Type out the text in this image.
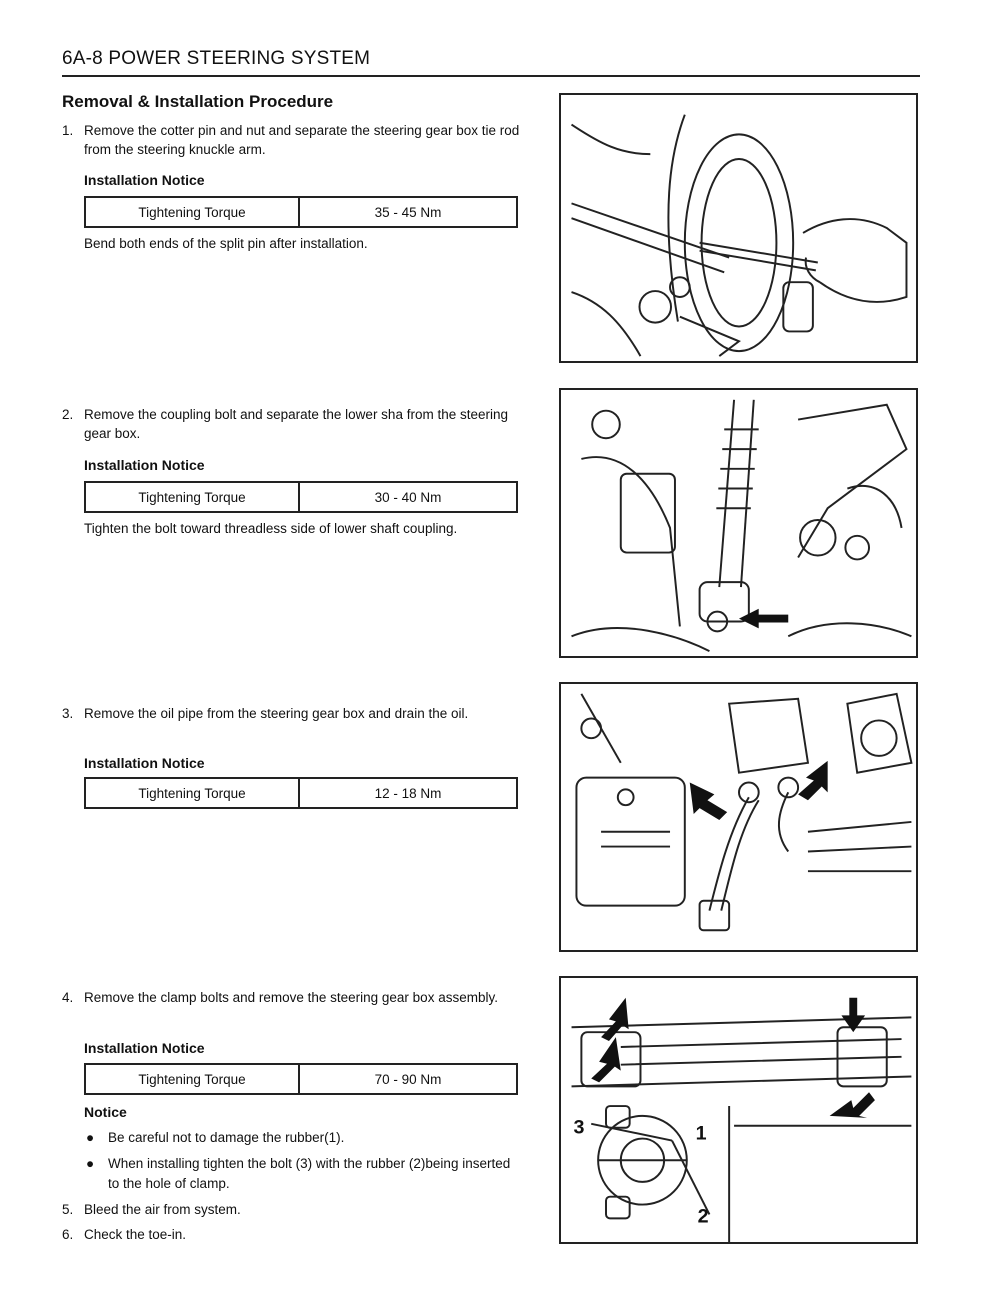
6A-8 POWER STEERING SYSTEM
Removal & Installation Procedure
1. Remove the cotter pin and nut and separate the steering gear box tie rod from the steering knuckle arm.
Installation Notice
Tightening Torque	35 - 45 Nm
Bend both ends of the split pin after installation.
2. Remove the coupling bolt and separate the lower sha from the steering gear box.
Installation Notice
Tightening Torque	30 - 40 Nm
Tighten the bolt toward threadless side of lower shaft coupling.
3. Remove the oil pipe from the steering gear box and drain the oil.
Installation Notice
Tightening Torque	12 - 18 Nm
4. Remove the clamp bolts and remove the steering gear box assembly.
Installation Notice
Tightening Torque	70 - 90 Nm
Notice
● Be careful not to damage the rubber(1).
● When installing tighten the bolt (3) with the rubber (2)being inserted to the hole of clamp.
5. Bleed the air from system.
6. Check the toe-in.
3	1
2
